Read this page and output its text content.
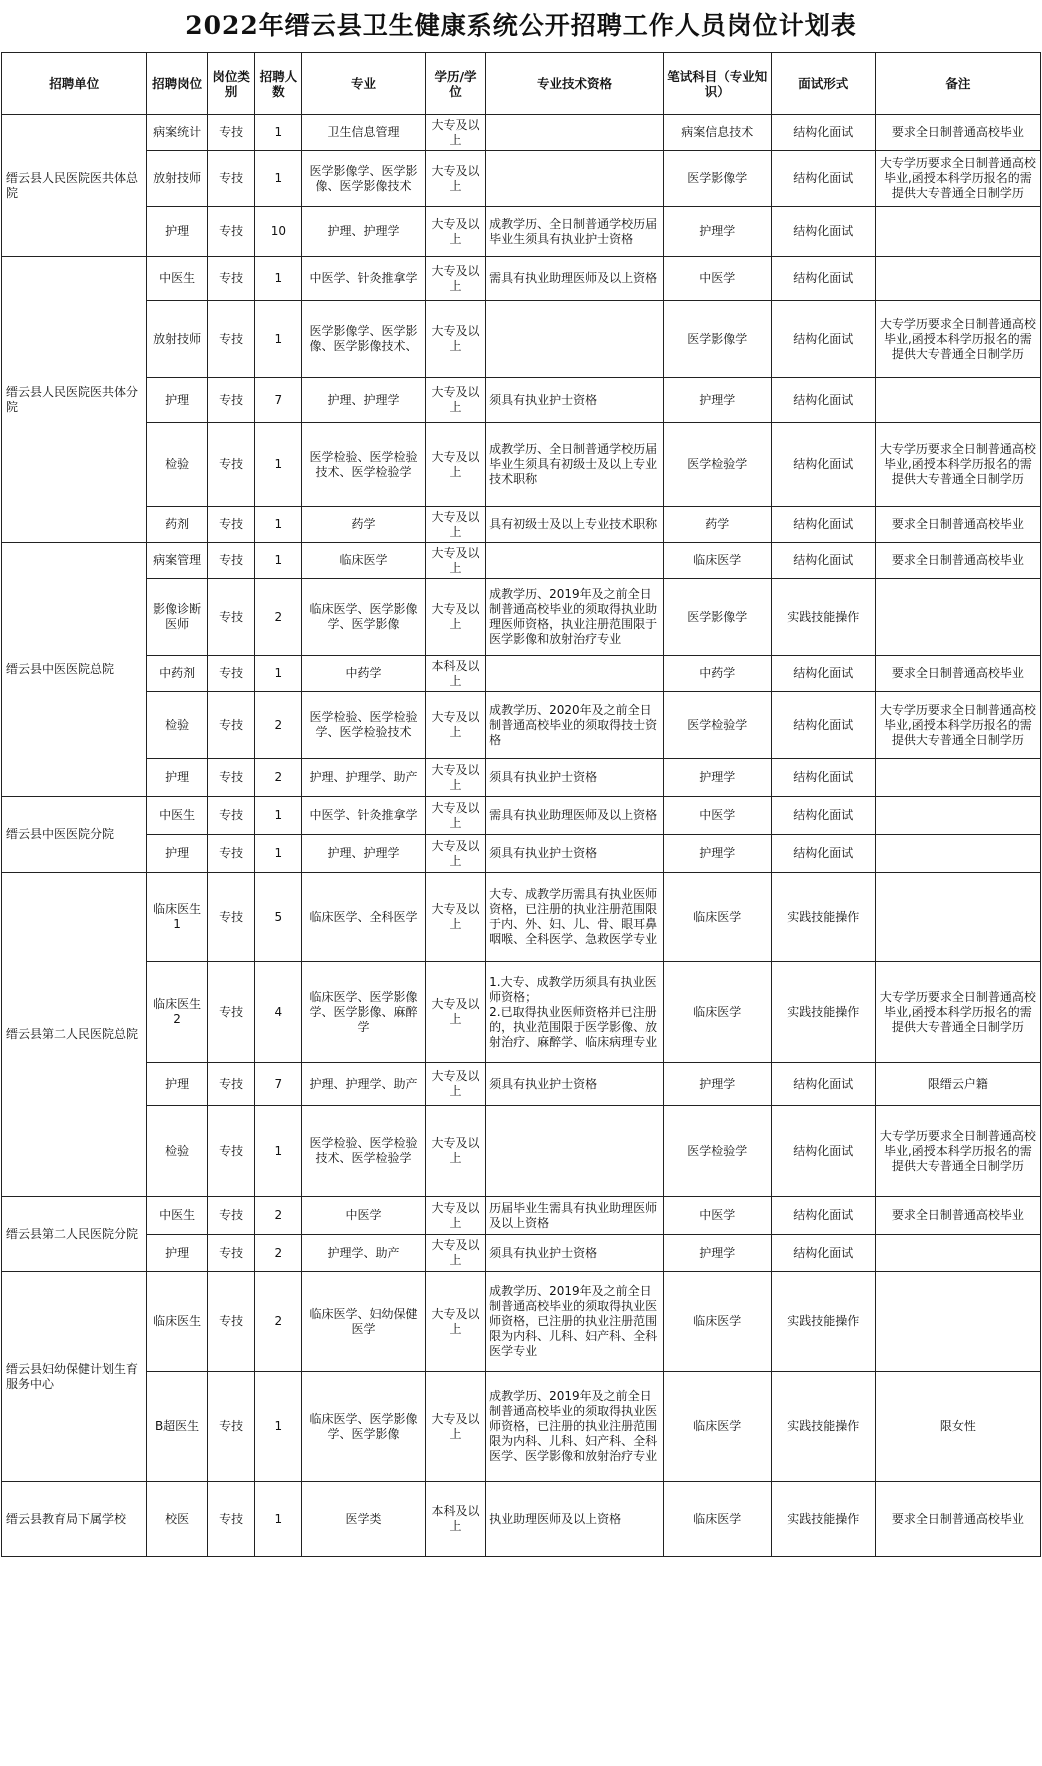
2022年缙云县卫生健康系统公开招聘工作人员岗位计划表
招聘单位	招聘岗位	岗位类别	招聘人数	专业	学历/学位	专业技术资格	笔试科目（专业知识）	面试形式	备注
缙云县人民医院医共体总院	病案统计	专技	1	卫生信息管理	大专及以上		病案信息技术	结构化面试	要求全日制普通高校毕业
	放射技师	专技	1	医学影像学、医学影像、医学影像技术	大专及以上		医学影像学	结构化面试	大专学历要求全日制普通高校毕业,函授本科学历报名的需提供大专普通全日制学历
	护理	专技	10	护理、护理学	大专及以上	成教学历、全日制普通学校历届毕业生须具有执业护士资格	护理学	结构化面试	
缙云县人民医院医共体分院	中医生	专技	1	中医学、针灸推拿学	大专及以上	需具有执业助理医师及以上资格	中医学	结构化面试	
	放射技师	专技	1	医学影像学、医学影像、医学影像技术、	大专及以上		医学影像学	结构化面试	大专学历要求全日制普通高校毕业,函授本科学历报名的需提供大专普通全日制学历
	护理	专技	7	护理、护理学	大专及以上	须具有执业护士资格	护理学	结构化面试	
	检验	专技	1	医学检验、医学检验技术、医学检验学	大专及以上	成教学历、全日制普通学校历届毕业生须具有初级士及以上专业技术职称	医学检验学	结构化面试	大专学历要求全日制普通高校毕业,函授本科学历报名的需提供大专普通全日制学历
	药剂	专技	1	药学	大专及以上	具有初级士及以上专业技术职称	药学	结构化面试	要求全日制普通高校毕业
缙云县中医医院总院	病案管理	专技	1	临床医学	大专及以上		临床医学	结构化面试	要求全日制普通高校毕业
	影像诊断医师	专技	2	临床医学、医学影像学、医学影像	大专及以上	成教学历、2019年及之前全日制普通高校毕业的须取得执业助理医师资格，执业注册范围限于医学影像和放射治疗专业	医学影像学	实践技能操作	
	中药剂	专技	1	中药学	本科及以上		中药学	结构化面试	要求全日制普通高校毕业
	检验	专技	2	医学检验、医学检验学、医学检验技术	大专及以上	成教学历、2020年及之前全日制普通高校毕业的须取得技士资格	医学检验学	结构化面试	大专学历要求全日制普通高校毕业,函授本科学历报名的需提供大专普通全日制学历
	护理	专技	2	护理、护理学、助产	大专及以上	须具有执业护士资格	护理学	结构化面试	
缙云县中医医院分院	中医生	专技	1	中医学、针灸推拿学	大专及以上	需具有执业助理医师及以上资格	中医学	结构化面试	
	护理	专技	1	护理、护理学	大专及以上	须具有执业护士资格	护理学	结构化面试	
缙云县第二人民医院总院	临床医生1	专技	5	临床医学、全科医学	大专及以上	大专、成教学历需具有执业医师资格，已注册的执业注册范围限于内、外、妇、儿、骨、眼耳鼻咽喉、全科医学、急救医学专业	临床医学	实践技能操作	
	临床医生2	专技	4	临床医学、医学影像学、医学影像、麻醉学	大专及以上	1.大专、成教学历须具有执业医师资格；
2.已取得执业医师资格并已注册的，执业范围限于医学影像、放射治疗、麻醉学、临床病理专业	临床医学	实践技能操作	大专学历要求全日制普通高校毕业,函授本科学历报名的需提供大专普通全日制学历
	护理	专技	7	护理、护理学、助产	大专及以上	须具有执业护士资格	护理学	结构化面试	限缙云户籍
	检验	专技	1	医学检验、医学检验技术、医学检验学	大专及以上		医学检验学	结构化面试	大专学历要求全日制普通高校毕业,函授本科学历报名的需提供大专普通全日制学历
缙云县第二人民医院分院	中医生	专技	2	中医学	大专及以上	历届毕业生需具有执业助理医师及以上资格	中医学	结构化面试	要求全日制普通高校毕业
	护理	专技	2	护理学、助产	大专及以上	须具有执业护士资格	护理学	结构化面试	
缙云县妇幼保健计划生育服务中心	临床医生	专技	2	临床医学、妇幼保健医学	大专及以上	成教学历、2019年及之前全日制普通高校毕业的须取得执业医师资格，已注册的执业注册范围限为内科、儿科、妇产科、全科医学专业	临床医学	实践技能操作	
	B超医生	专技	1	临床医学、医学影像学、医学影像	大专及以上	成教学历、2019年及之前全日制普通高校毕业的须取得执业医师资格，已注册的执业注册范围限为内科、儿科、妇产科、全科医学、医学影像和放射治疗专业	临床医学	实践技能操作	限女性
缙云县教育局下属学校	校医	专技	1	医学类	本科及以上	执业助理医师及以上资格	临床医学	实践技能操作	要求全日制普通高校毕业
